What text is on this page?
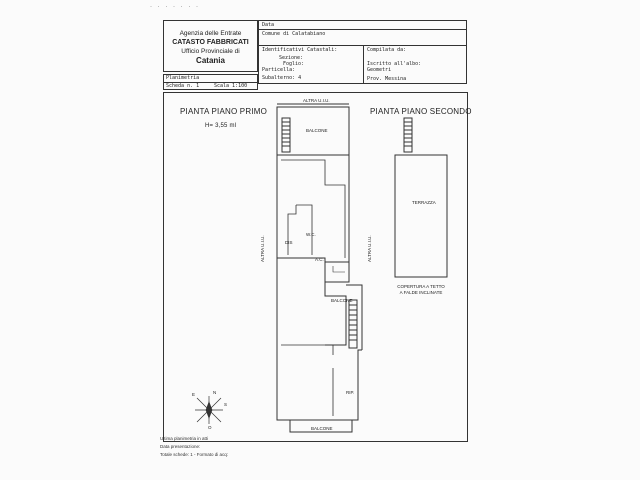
· · · · · · ·
Agenzia delle Entrate
CATASTO FABBRICATI
Ufficio Provinciale di
Catania
Data
Comune di Calatabiano
Identificativi Catastali:
Sezione:
Foglio:
Particella:
Subalterno: 4
Compilata da:
Iscritto all'albo:
Geometri
Prov. Messina
Planimetria
Scheda n. 1	Scala 1:100
PIANTA PIANO PRIMO	PIANTA PIANO SECONDO
H= 3,55 ml
ALTRA U.I.U.
BALCONE
W.C.
DIS
A.C.
BALCONE
RIP.
BALCONE
TERRAZZA
COPERTURA A TETTO
A FALDE INCLINATE
ALTRA U.I.U.	ALTRA U.I.U.
N
E
S
O
Ultima planimetria in atti
Data presentazione:
Totale schede: 1 - Formato di acq:
